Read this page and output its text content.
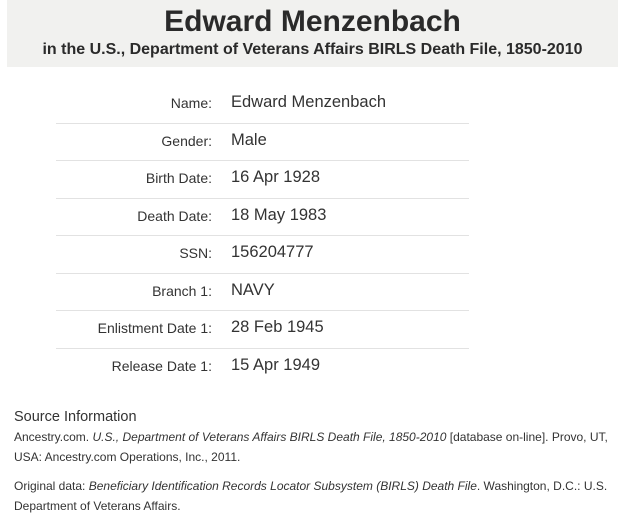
Edward Menzenbach
in the U.S., Department of Veterans Affairs BIRLS Death File, 1850-2010
Name: Edward Menzenbach
Gender: Male
Birth Date: 16 Apr 1928
Death Date: 18 May 1983
SSN: 156204777
Branch 1: NAVY
Enlistment Date 1: 28 Feb 1945
Release Date 1: 15 Apr 1949
Source Information
Ancestry.com. U.S., Department of Veterans Affairs BIRLS Death File, 1850-2010 [database on-line]. Provo, UT, USA: Ancestry.com Operations, Inc., 2011.
Original data: Beneficiary Identification Records Locator Subsystem (BIRLS) Death File. Washington, D.C.: U.S. Department of Veterans Affairs.
